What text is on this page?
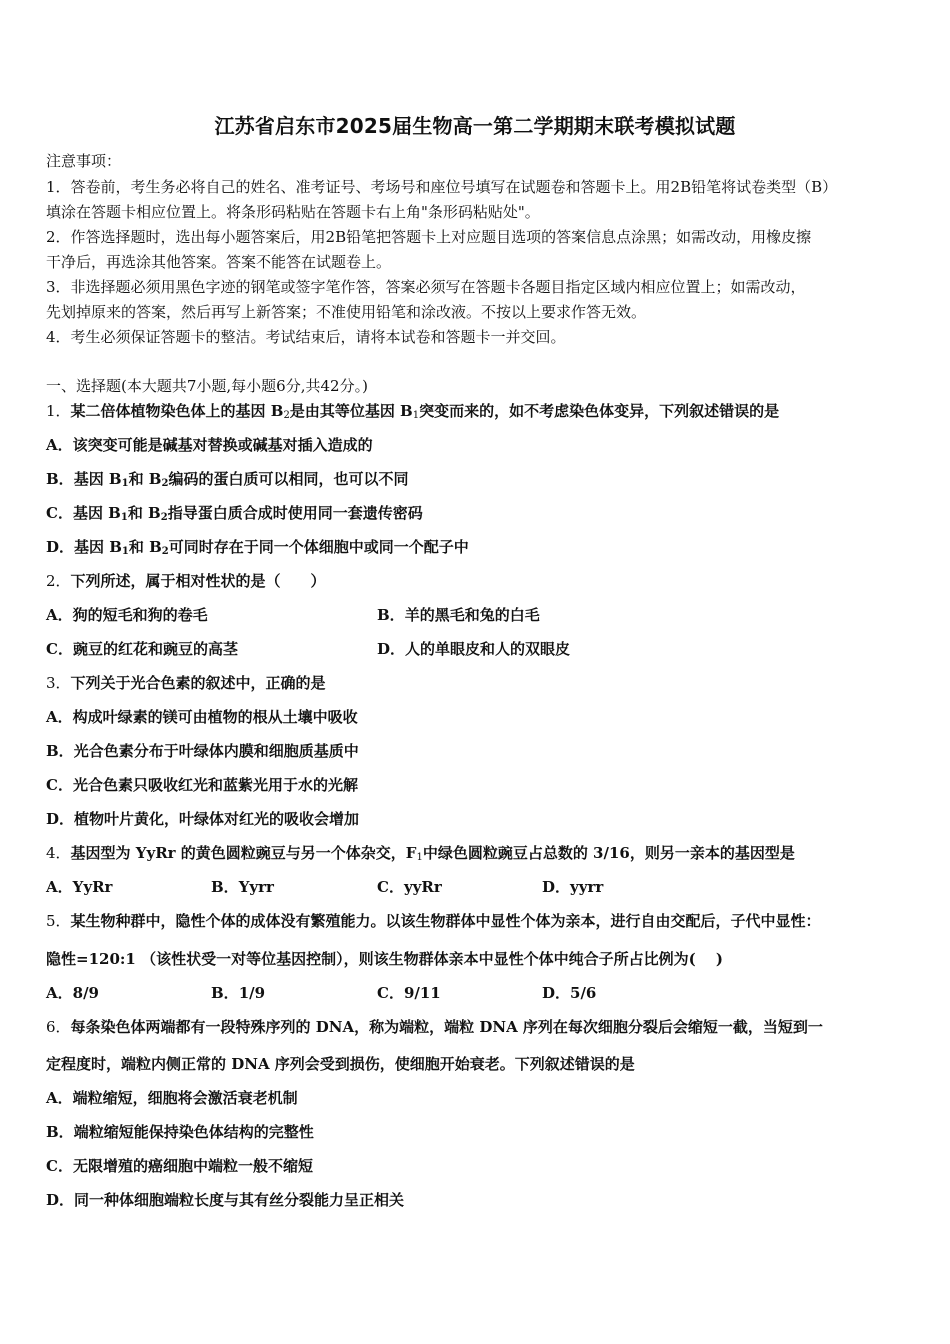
江苏省启东市2025届生物高一第二学期期末联考模拟试题
注意事项：
1．答卷前，考生务必将自己的姓名、准考证号、考场号和座位号填写在试题卷和答题卡上。用2B铅笔将试卷类型（B）
填涂在答题卡相应位置上。将条形码粘贴在答题卡右上角"条形码粘贴处"。
2．作答选择题时，选出每小题答案后，用2B铅笔把答题卡上对应题目选项的答案信息点涂黑；如需改动，用橡皮擦
干净后，再选涂其他答案。答案不能答在试题卷上。
3．非选择题必须用黑色字迹的钢笔或签字笔作答，答案必须写在答题卡各题目指定区域内相应位置上；如需改动，
先划掉原来的答案，然后再写上新答案；不准使用铅笔和涂改液。不按以上要求作答无效。
4．考生必须保证答题卡的整洁。考试结束后，请将本试卷和答题卡一并交回。
一、选择题(本大题共7小题,每小题6分,共42分。)
1．某二倍体植物染色体上的基因 $B_2$是由其等位基因 $B_1$突变而来的，如不考虑染色体变异，下列叙述错误的是
A．该突变可能是碱基对替换或碱基对插入造成的
B．基因 $B_1$和 $B_2$编码的蛋白质可以相同，也可以不同
C．基因 $B_1$和 $B_2$指导蛋白质合成时使用同一套遗传密码
D．基因 $B_1$和 $B_2$可同时存在于同一个体细胞中或同一个配子中
2．下列所述，属于相对性状的是（　　）
A．狗的短毛和狗的卷毛	B．羊的黑毛和兔的白毛
C．豌豆的红花和豌豆的高茎	D．人的单眼皮和人的双眼皮
3．下列关于光合色素的叙述中，正确的是
A．构成叶绿素的镁可由植物的根从土壤中吸收
B．光合色素分布于叶绿体内膜和细胞质基质中
C．光合色素只吸收红光和蓝紫光用于水的光解
D．植物叶片黄化，叶绿体对红光的吸收会增加
4．基因型为 YyRr 的黄色圆粒豌豆与另一个体杂交，$F_1$中绿色圆粒豌豆占总数的 3/16，则另一亲本的基因型是
A．YyRr	B．Yyrr	C．yyRr	D．yyrr
5．某生物种群中，隐性个体的成体没有繁殖能力。以该生物群体中显性个体为亲本，进行自由交配后，子代中显性：
隐性=120:1 （该性状受一对等位基因控制），则该生物群体亲本中显性个体中纯合子所占比例为(　 )
A．8/9	B．1/9	C．9/11	D．5/6
6．每条染色体两端都有一段特殊序列的 DNA，称为端粒，端粒 DNA 序列在每次细胞分裂后会缩短一截，当短到一
定程度时，端粒内侧正常的 DNA 序列会受到损伤，使细胞开始衰老。下列叙述错误的是
A．端粒缩短，细胞将会激活衰老机制
B．端粒缩短能保持染色体结构的完整性
C．无限增殖的癌细胞中端粒一般不缩短
D．同一种体细胞端粒长度与其有丝分裂能力呈正相关
